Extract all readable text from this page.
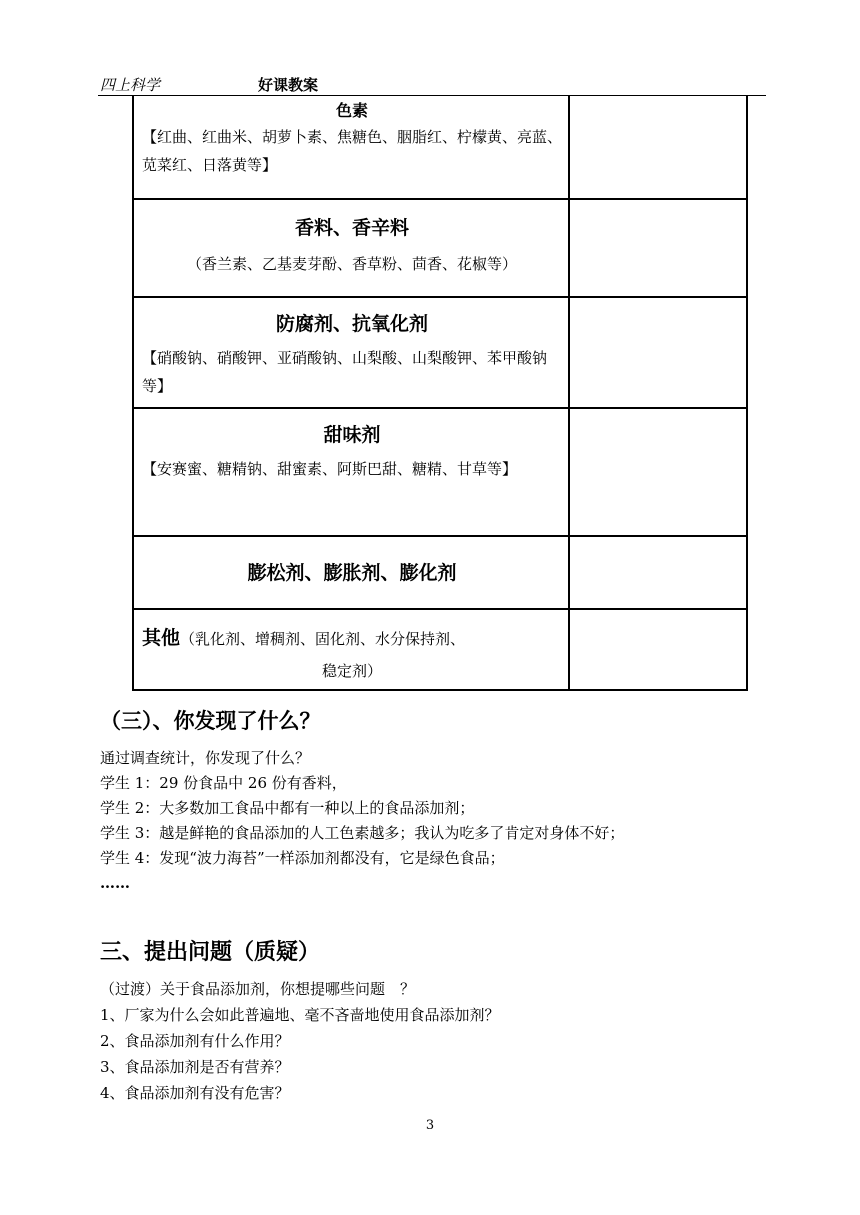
四上科学	好课教案
色素
【红曲、红曲米、胡萝卜素、焦糖色、胭脂红、柠檬黄、亮蓝、苋菜红、日落黄等】	

香料、香辛料
（香兰素、乙基麦芽酚、香草粉、茴香、花椒等）	

防腐剂、抗氧化剂
【硝酸钠、硝酸钾、亚硝酸钠、山梨酸、山梨酸钾、苯甲酸钠等】	

甜味剂
【安赛蜜、糖精钠、甜蜜素、阿斯巴甜、糖精、甘草等】	

膨松剂、膨胀剂、膨化剂	

其他（乳化剂、增稠剂、固化剂、水分保持剂、
稳定剂）	

（三）、你发现了什么？

通过调查统计，你发现了什么？

学生 1：29 份食品中 26 份有香料，

学生 2：大多数加工食品中都有一种以上的食品添加剂；

学生 3：越是鲜艳的食品添加的人工色素越多；我认为吃多了肯定对身体不好；

学生 4：发现“波力海苔”一样添加剂都没有，它是绿色食品；

……

三、提出问题（质疑）

（过渡）关于食品添加剂，你想提哪些问题　？

1、厂家为什么会如此普遍地、毫不吝啬地使用食品添加剂？

2、食品添加剂有什么作用？

3、食品添加剂是否有营养？

4、食品添加剂有没有危害？

3
